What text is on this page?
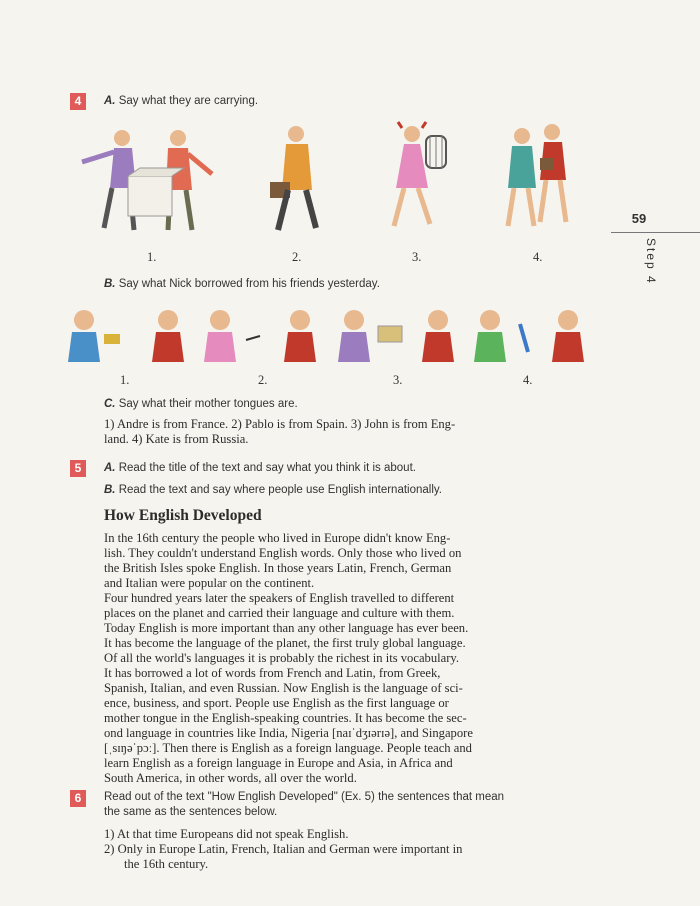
59
Step 4
4	A. Say what they are carrying.
1.	2.	3.	4.
B. Say what Nick borrowed from his friends yesterday.
1.	2.	3.	4.
C. Say what their mother tongues are.
1) Andre is from France. 2) Pablo is from Spain. 3) John is from Eng-
land. 4) Kate is from Russia.
5	A. Read the title of the text and say what you think it is about.
B. Read the text and say where people use English internationally.
How English Developed
In the 16th century the people who lived in Europe didn't know Eng-
lish. They couldn't understand English words. Only those who lived on
the British Isles spoke English. In those years Latin, French, German
and Italian were popular on the continent.
Four hundred years later the speakers of English travelled to different
places on the planet and carried their language and culture with them.
Today English is more important than any other language has ever been.
It has become the language of the planet, the first truly global language.
Of all the world's languages it is probably the richest in its vocabulary.
It has borrowed a lot of words from French and Latin, from Greek,
Spanish, Italian, and even Russian. Now English is the language of sci-
ence, business, and sport. People use English as the first language or
mother tongue in the English-speaking countries. It has become the sec-
ond language in countries like India, Nigeria [naɪˈdʒɪərɪə], and Singapore
[ˌsɪŋəˈpɔː]. Then there is English as a foreign language. People teach and
learn English as a foreign language in Europe and Asia, in Africa and
South America, in other words, all over the world.
6	Read out of the text "How English Developed" (Ex. 5) the sentences that mean
the same as the sentences below.
1) At that time Europeans did not speak English.
2) Only in Europe Latin, French, Italian and German were important in
the 16th century.
